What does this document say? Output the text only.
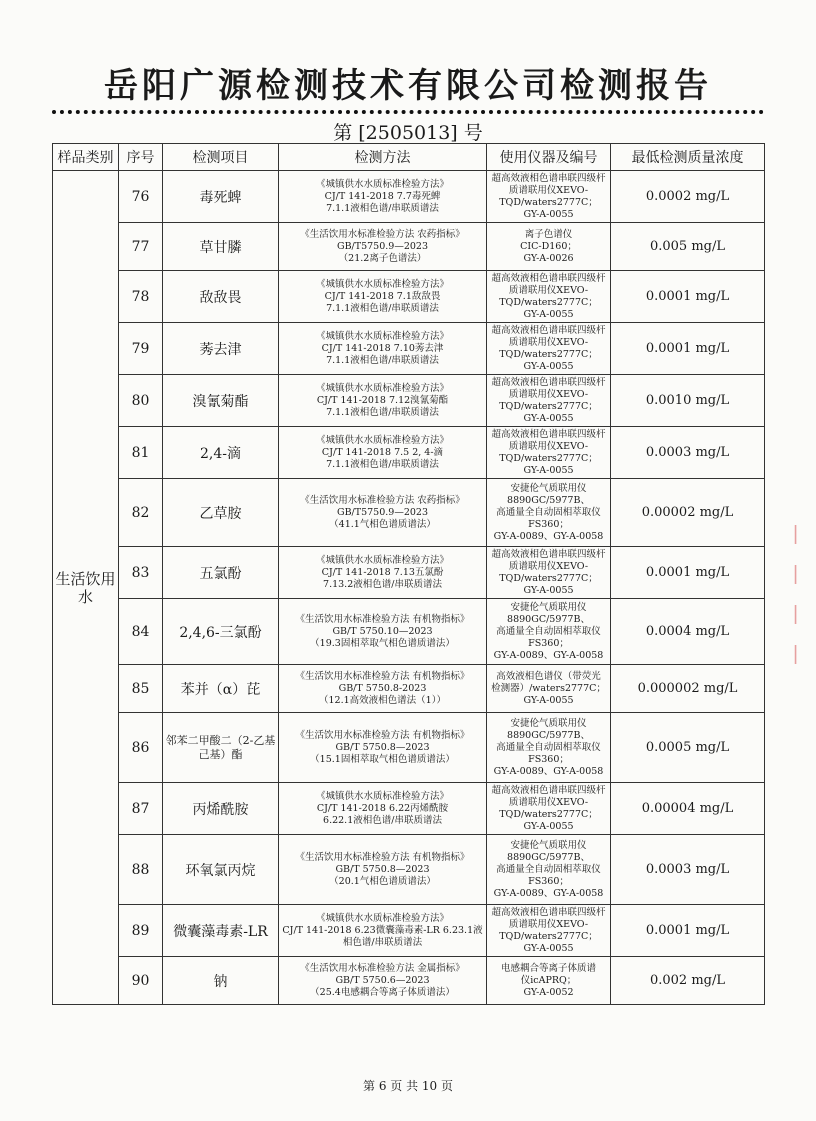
岳阳广源检测技术有限公司检测报告
第 [2505013] 号
样品类别	序号	检测项目	检测方法	使用仪器及编号	最低检测质量浓度
生活饮用水	76	毒死蜱	《城镇供水水质标准检验方法》
CJ/T 141-2018 7.7毒死蜱
7.1.1液相色谱/串联质谱法	超高效液相色谱串联四级杆
质谱联用仪XEVO-
TQD/waters2777C；
GY-A-0055	0.0002 mg/L
	77	草甘膦	《生活饮用水标准检验方法 农药指标》
GB/T5750.9—2023
（21.2离子色谱法）	离子色谱仪
CIC-D160；
GY-A-0026	0.005 mg/L
	78	敌敌畏	《城镇供水水质标准检验方法》
CJ/T 141-2018 7.1敌敌畏
7.1.1液相色谱/串联质谱法	超高效液相色谱串联四级杆
质谱联用仪XEVO-
TQD/waters2777C；
GY-A-0055	0.0001 mg/L
	79	莠去津	《城镇供水水质标准检验方法》
CJ/T 141-2018 7.10莠去津
7.1.1液相色谱/串联质谱法	超高效液相色谱串联四级杆
质谱联用仪XEVO-
TQD/waters2777C；
GY-A-0055	0.0001 mg/L
	80	溴氰菊酯	《城镇供水水质标准检验方法》
CJ/T 141-2018 7.12溴氰菊酯
7.1.1液相色谱/串联质谱法	超高效液相色谱串联四级杆
质谱联用仪XEVO-
TQD/waters2777C；
GY-A-0055	0.0010 mg/L
	81	2,4-滴	《城镇供水水质标准检验方法》
CJ/T 141-2018 7.5 2, 4-滴
7.1.1液相色谱/串联质谱法	超高效液相色谱串联四级杆
质谱联用仪XEVO-
TQD/waters2777C；
GY-A-0055	0.0003 mg/L
	82	乙草胺	《生活饮用水标准检验方法 农药指标》
GB/T5750.9—2023
（41.1气相色谱质谱法）	安捷伦气质联用仪
8890GC/5977B、
高通量全自动固相萃取仪
FS360；
GY-A-0089、GY-A-0058	0.00002 mg/L
	83	五氯酚	《城镇供水水质标准检验方法》
CJ/T 141-2018 7.13五氯酚
7.13.2液相色谱/串联质谱法	超高效液相色谱串联四级杆
质谱联用仪XEVO-
TQD/waters2777C；
GY-A-0055	0.0001 mg/L
	84	2,4,6-三氯酚	《生活饮用水标准检验方法 有机物指标》
GB/T 5750.10—2023
（19.3固相萃取气相色谱质谱法）	安捷伦气质联用仪
8890GC/5977B、
高通量全自动固相萃取仪
FS360；
GY-A-0089、GY-A-0058	0.0004 mg/L
	85	苯并（α）芘	《生活饮用水标准检验方法 有机物指标》
GB/T 5750.8-2023
（12.1高效液相色谱法（1））	高效液相色谱仪（带荧光
检测器）/waters2777C；
GY-A-0055	0.000002 mg/L
	86	邻苯二甲酸二（2-乙基己基）酯	《生活饮用水标准检验方法 有机物指标》
GB/T 5750.8—2023
（15.1固相萃取气相色谱质谱法）	安捷伦气质联用仪
8890GC/5977B、
高通量全自动固相萃取仪
FS360；
GY-A-0089、GY-A-0058	0.0005 mg/L
	87	丙烯酰胺	《城镇供水水质标准检验方法》
CJ/T 141-2018 6.22丙烯酰胺
6.22.1液相色谱/串联质谱法	超高效液相色谱串联四级杆
质谱联用仪XEVO-
TQD/waters2777C；
GY-A-0055	0.00004 mg/L
	88	环氧氯丙烷	《生活饮用水标准检验方法 有机物指标》
GB/T 5750.8—2023
（20.1气相色谱质谱法）	安捷伦气质联用仪
8890GC/5977B、
高通量全自动固相萃取仪
FS360；
GY-A-0089、GY-A-0058	0.0003 mg/L
	89	微囊藻毒素-LR	《城镇供水水质标准检验方法》
CJ/T 141-2018 6.23微囊藻毒素-LR 6.23.1液
相色谱/串联质谱法	超高效液相色谱串联四级杆
质谱联用仪XEVO-
TQD/waters2777C；
GY-A-0055	0.0001 mg/L
	90	钠	《生活饮用水标准检验方法 金属指标》
GB/T 5750.6—2023
（25.4电感耦合等离子体质谱法）	电感耦合等离子体质谱
仪icAPRQ；
GY-A-0052	0.002 mg/L
▏
▏
▏
▏
第 6 页 共 10 页
